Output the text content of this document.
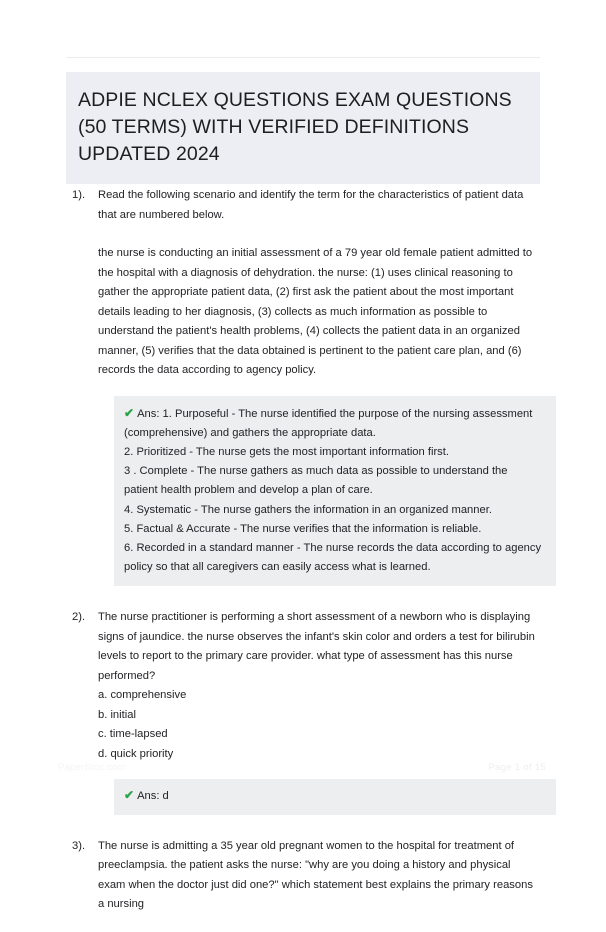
ADPIE NCLEX QUESTIONS EXAM QUESTIONS (50 TERMS) WITH VERIFIED DEFINITIONS UPDATED 2024
1).	Read the following scenario and identify the term for the characteristics of patient data that are numbered below.

the nurse is conducting an initial assessment of a 79 year old female patient admitted to the hospital with a diagnosis of dehydration. the nurse: (1) uses clinical reasoning to gather the appropriate patient data, (2) first ask the patient about the most important details leading to her diagnosis, (3) collects as much information as possible to understand the patient's health problems, (4) collects the patient data in an organized manner, (5) verifies that the data obtained is pertinent to the patient care plan, and (6) records the data according to agency policy.

✔ Ans: 1. Purposeful - The nurse identified the purpose of the nursing assessment (comprehensive) and gathers the appropriate data.

2. Prioritized - The nurse gets the most important information first.

3 . Complete - The nurse gathers as much data as possible to understand the patient health problem and develop a plan of care.

4. Systematic - The nurse gathers the information in an organized manner.

5. Factual & Accurate - The nurse verifies that the information is reliable.

6. Recorded in a standard manner - The nurse records the data according to agency policy so that all caregivers can easily access what is learned.

2).	The nurse practitioner is performing a short assessment of a newborn who is displaying signs of jaundice. the nurse observes the infant's skin color and orders a test for bilirubin levels to report to the primary care provider. what type of assessment has this nurse performed?

a. comprehensive

b. initial

c. time-lapsed

d. quick priority

✔ Ans: d

3).	The nurse is admitting a 35 year old pregnant women to the hospital for treatment of preeclampsia. the patient asks the nurse: "why are you doing a history and physical exam when the doctor just did one?" which statement best explains the primary reasons a nursing

PaperStoc.com	Page 1 of 15
